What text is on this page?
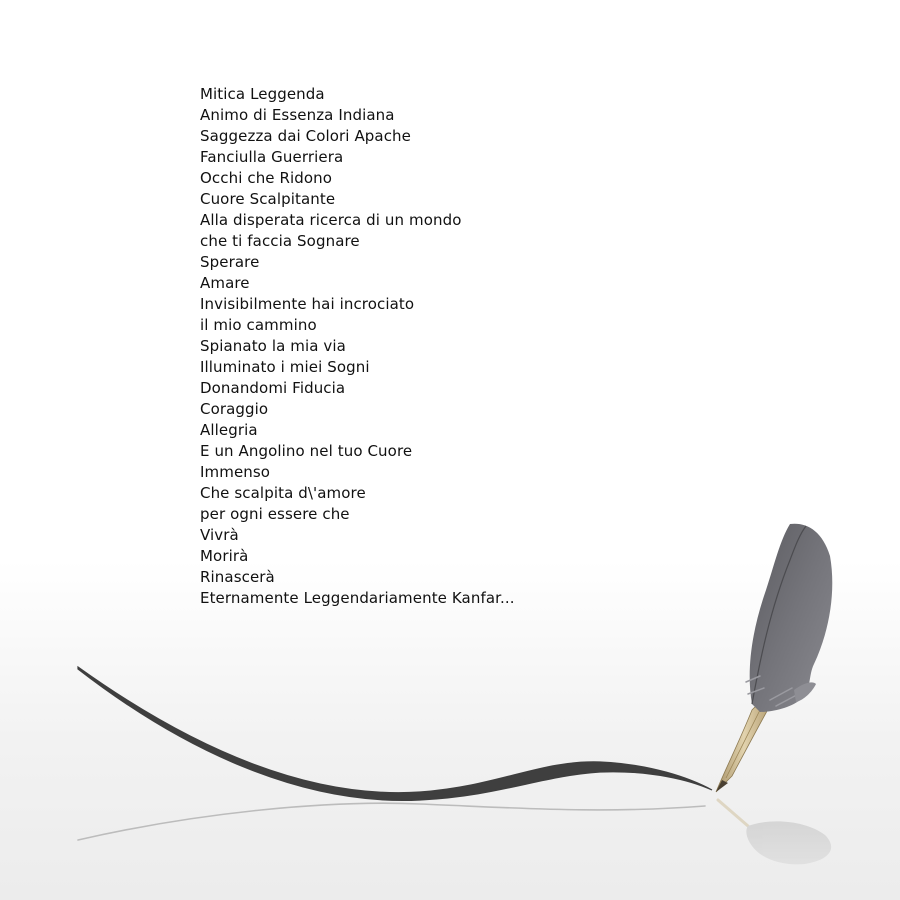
Mitica Leggenda
Animo di Essenza Indiana
Saggezza dai Colori Apache
Fanciulla Guerriera
Occhi che Ridono
Cuore Scalpitante
Alla disperata ricerca di un mondo
che ti faccia Sognare
Sperare
Amare
Invisibilmente hai incrociato
il mio cammino
Spianato la mia via
Illuminato i miei Sogni
Donandomi Fiducia
Coraggio
Allegria
E un Angolino nel tuo Cuore
Immenso
Che scalpita d\'amore
per ogni essere che
Vivrà
Morirà
Rinascerà
Eternamente Leggendariamente Kanfar...
